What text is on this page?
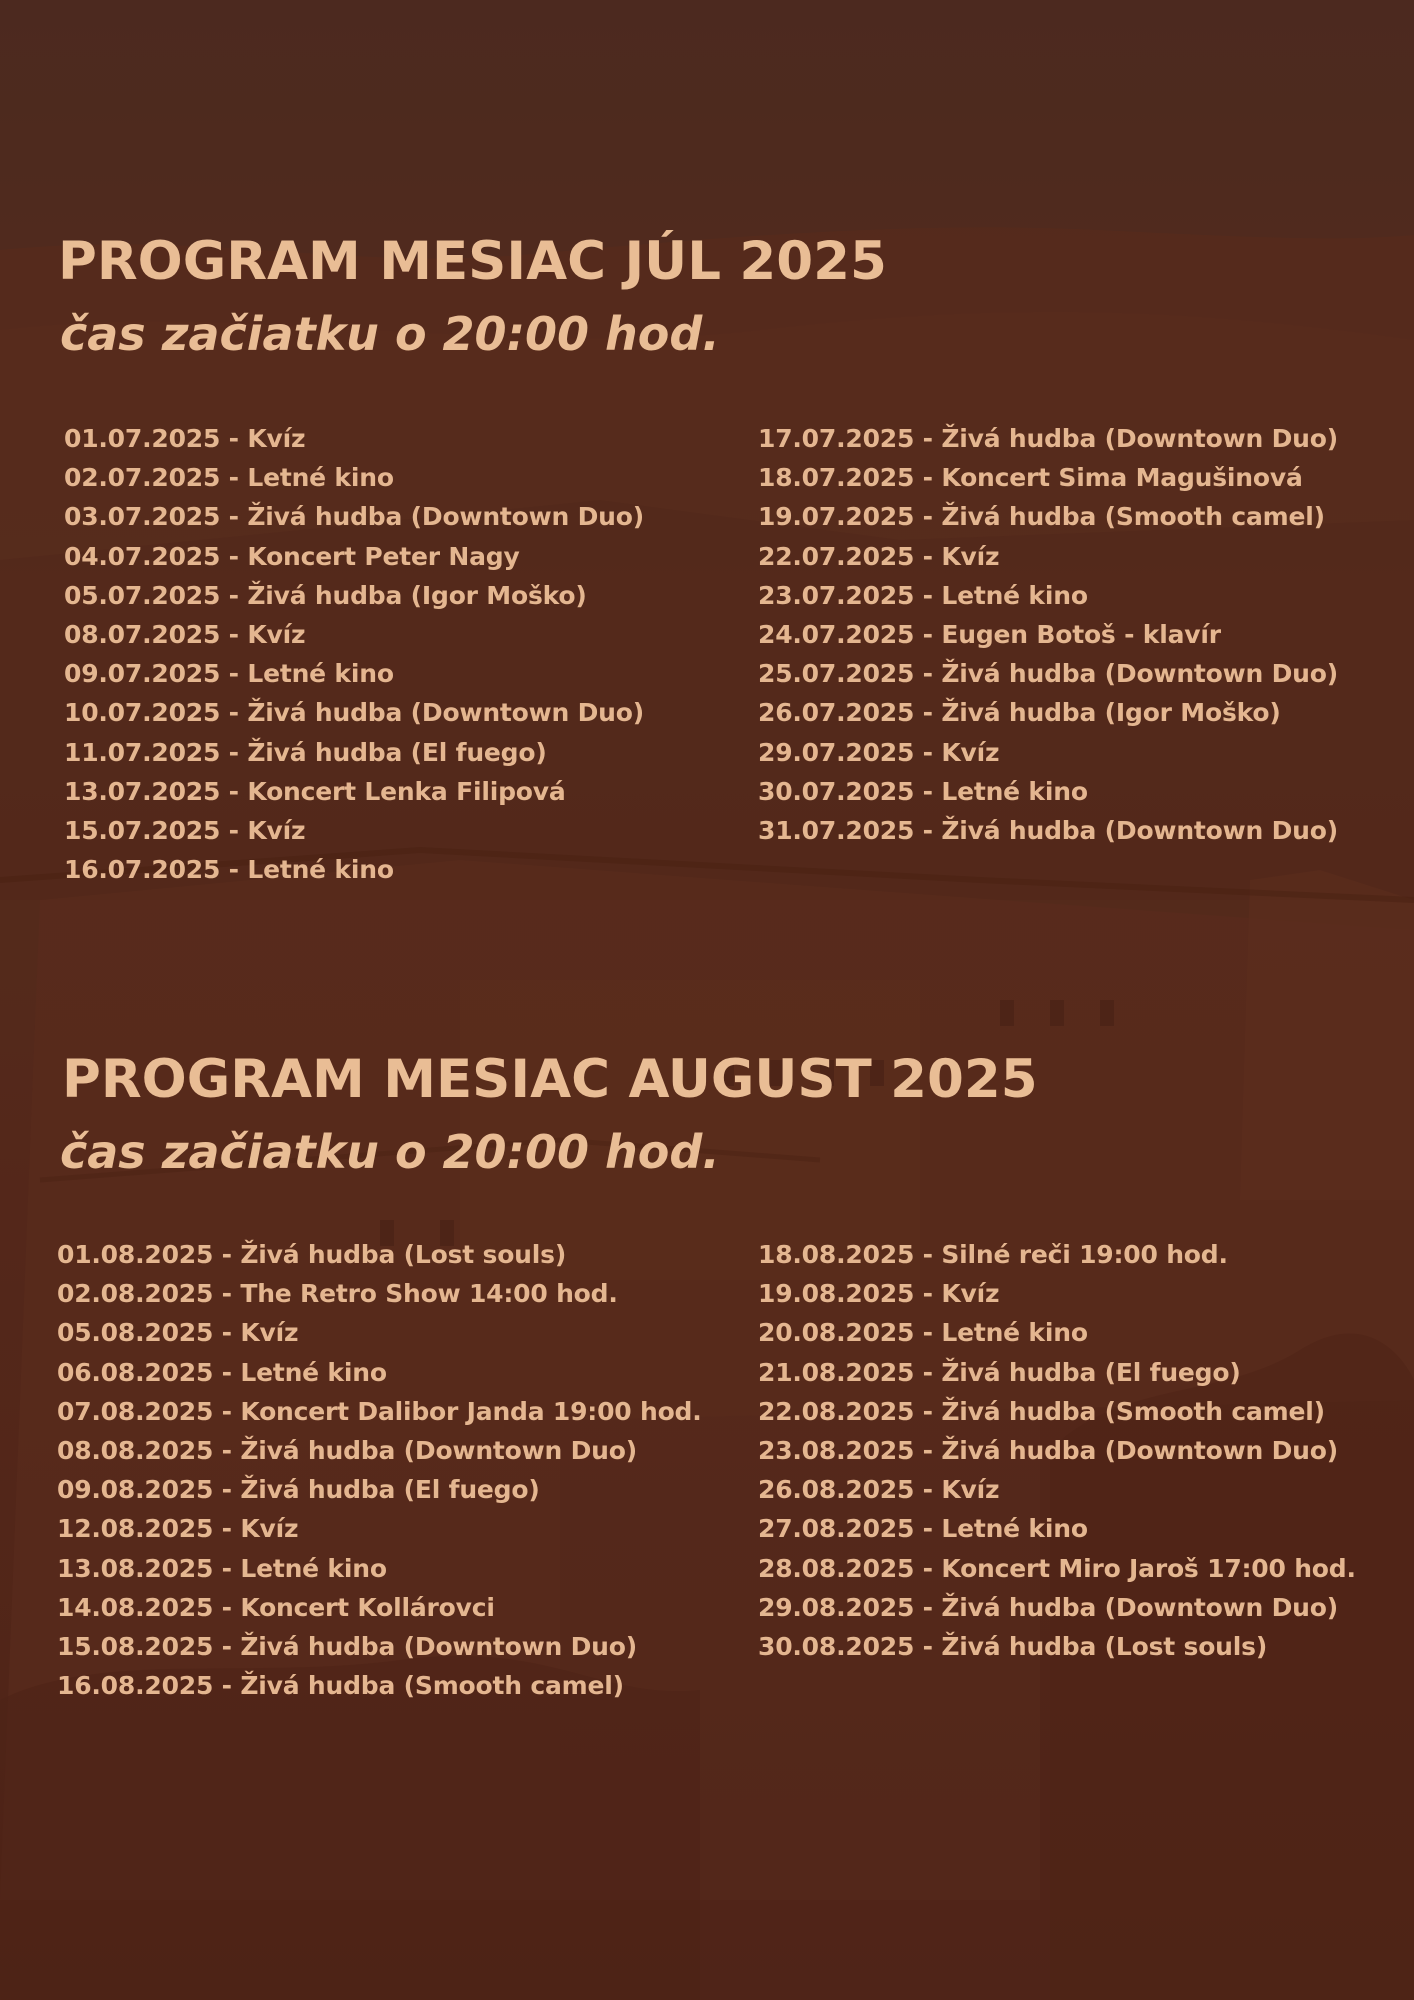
PROGRAM MESIAC JÚL 2025
čas začiatku o 20:00 hod.
01.07.2025 - Kvíz
02.07.2025 - Letné kino
03.07.2025 - Živá hudba (Downtown Duo)
04.07.2025 - Koncert Peter Nagy
05.07.2025 - Živá hudba (Igor Moško)
08.07.2025 - Kvíz
09.07.2025 - Letné kino
10.07.2025 - Živá hudba (Downtown Duo)
11.07.2025 - Živá hudba (El fuego)
13.07.2025 - Koncert Lenka Filipová
15.07.2025 - Kvíz
16.07.2025 - Letné kino
17.07.2025 - Živá hudba (Downtown Duo)
18.07.2025 - Koncert Sima Magušinová
19.07.2025 - Živá hudba (Smooth camel)
22.07.2025 - Kvíz
23.07.2025 - Letné kino
24.07.2025 - Eugen Botoš - klavír
25.07.2025 - Živá hudba (Downtown Duo)
26.07.2025 - Živá hudba (Igor Moško)
29.07.2025 - Kvíz
30.07.2025 - Letné kino
31.07.2025 - Živá hudba (Downtown Duo)
PROGRAM MESIAC AUGUST 2025
čas začiatku o 20:00 hod.
01.08.2025 - Živá hudba (Lost souls)
02.08.2025 - The Retro Show 14:00 hod.
05.08.2025 - Kvíz
06.08.2025 - Letné kino
07.08.2025 - Koncert Dalibor Janda 19:00 hod.
08.08.2025 - Živá hudba (Downtown Duo)
09.08.2025 - Živá hudba (El fuego)
12.08.2025 - Kvíz
13.08.2025 - Letné kino
14.08.2025 - Koncert Kollárovci
15.08.2025 - Živá hudba (Downtown Duo)
16.08.2025 - Živá hudba (Smooth camel)
18.08.2025 - Silné reči 19:00 hod.
19.08.2025 - Kvíz
20.08.2025 - Letné kino
21.08.2025 - Živá hudba (El fuego)
22.08.2025 - Živá hudba (Smooth camel)
23.08.2025 - Živá hudba (Downtown Duo)
26.08.2025 - Kvíz
27.08.2025 - Letné kino
28.08.2025 - Koncert Miro Jaroš 17:00 hod.
29.08.2025 - Živá hudba (Downtown Duo)
30.08.2025 - Živá hudba (Lost souls)
